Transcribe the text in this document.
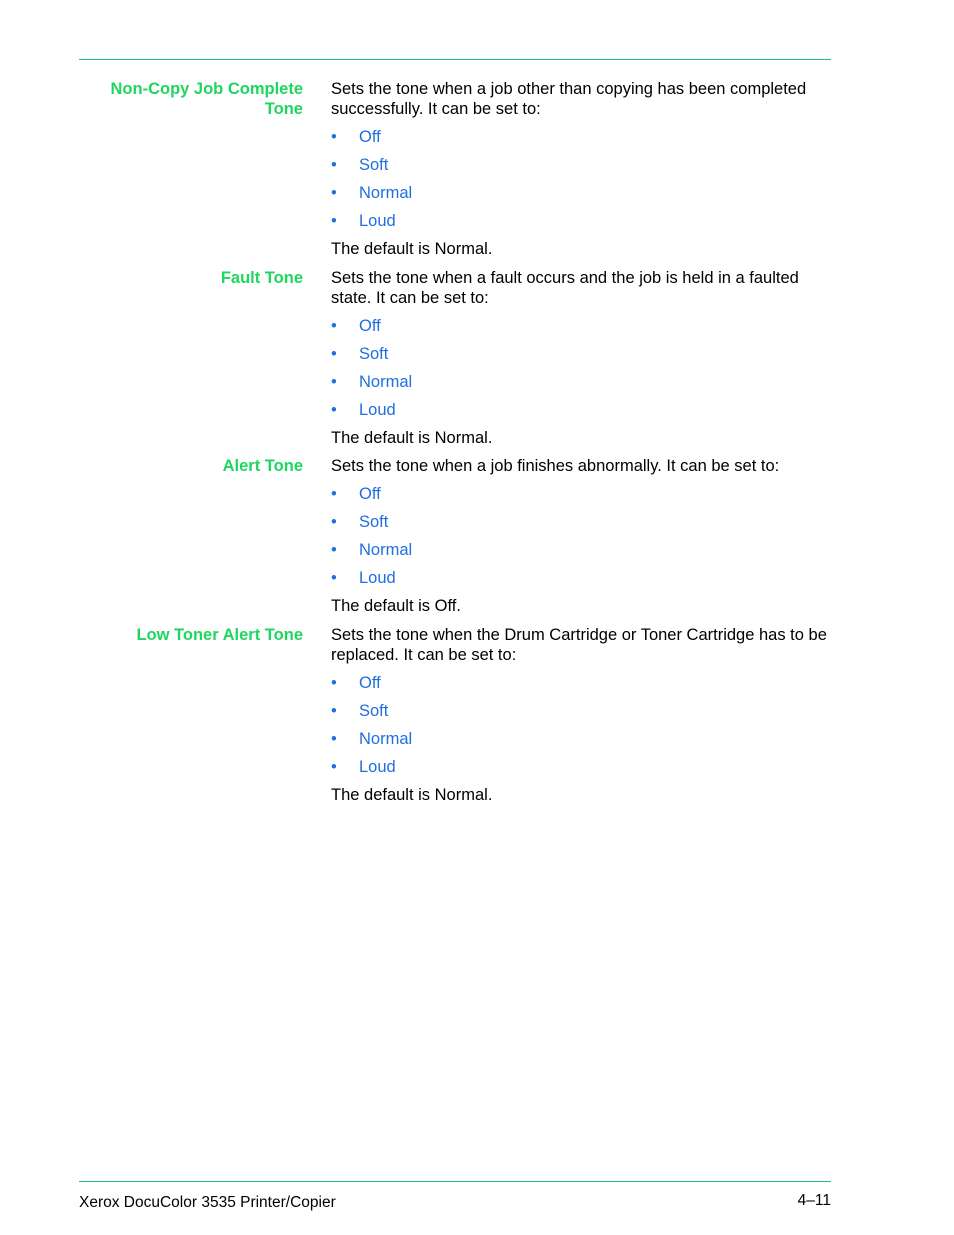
Non-Copy Job Complete Tone

Sets the tone when a job other than copying has been completed successfully. It can be set to:

• Off
• Soft
• Normal
• Loud

The default is Normal.

Fault Tone Sets the tone when a fault occurs and the job is held in a faulted state. It can be set to:

• Off
• Soft
• Normal
• Loud

The default is Normal.

Alert Tone Sets the tone when a job finishes abnormally. It can be set to:

• Off
• Soft
• Normal
• Loud

The default is Off.

Low Toner Alert Tone Sets the tone when the Drum Cartridge or Toner Cartridge has to be replaced. It can be set to:

• Off
• Soft
• Normal
• Loud

The default is Normal.

Xerox DocuColor 3535 Printer/Copier	4–11
